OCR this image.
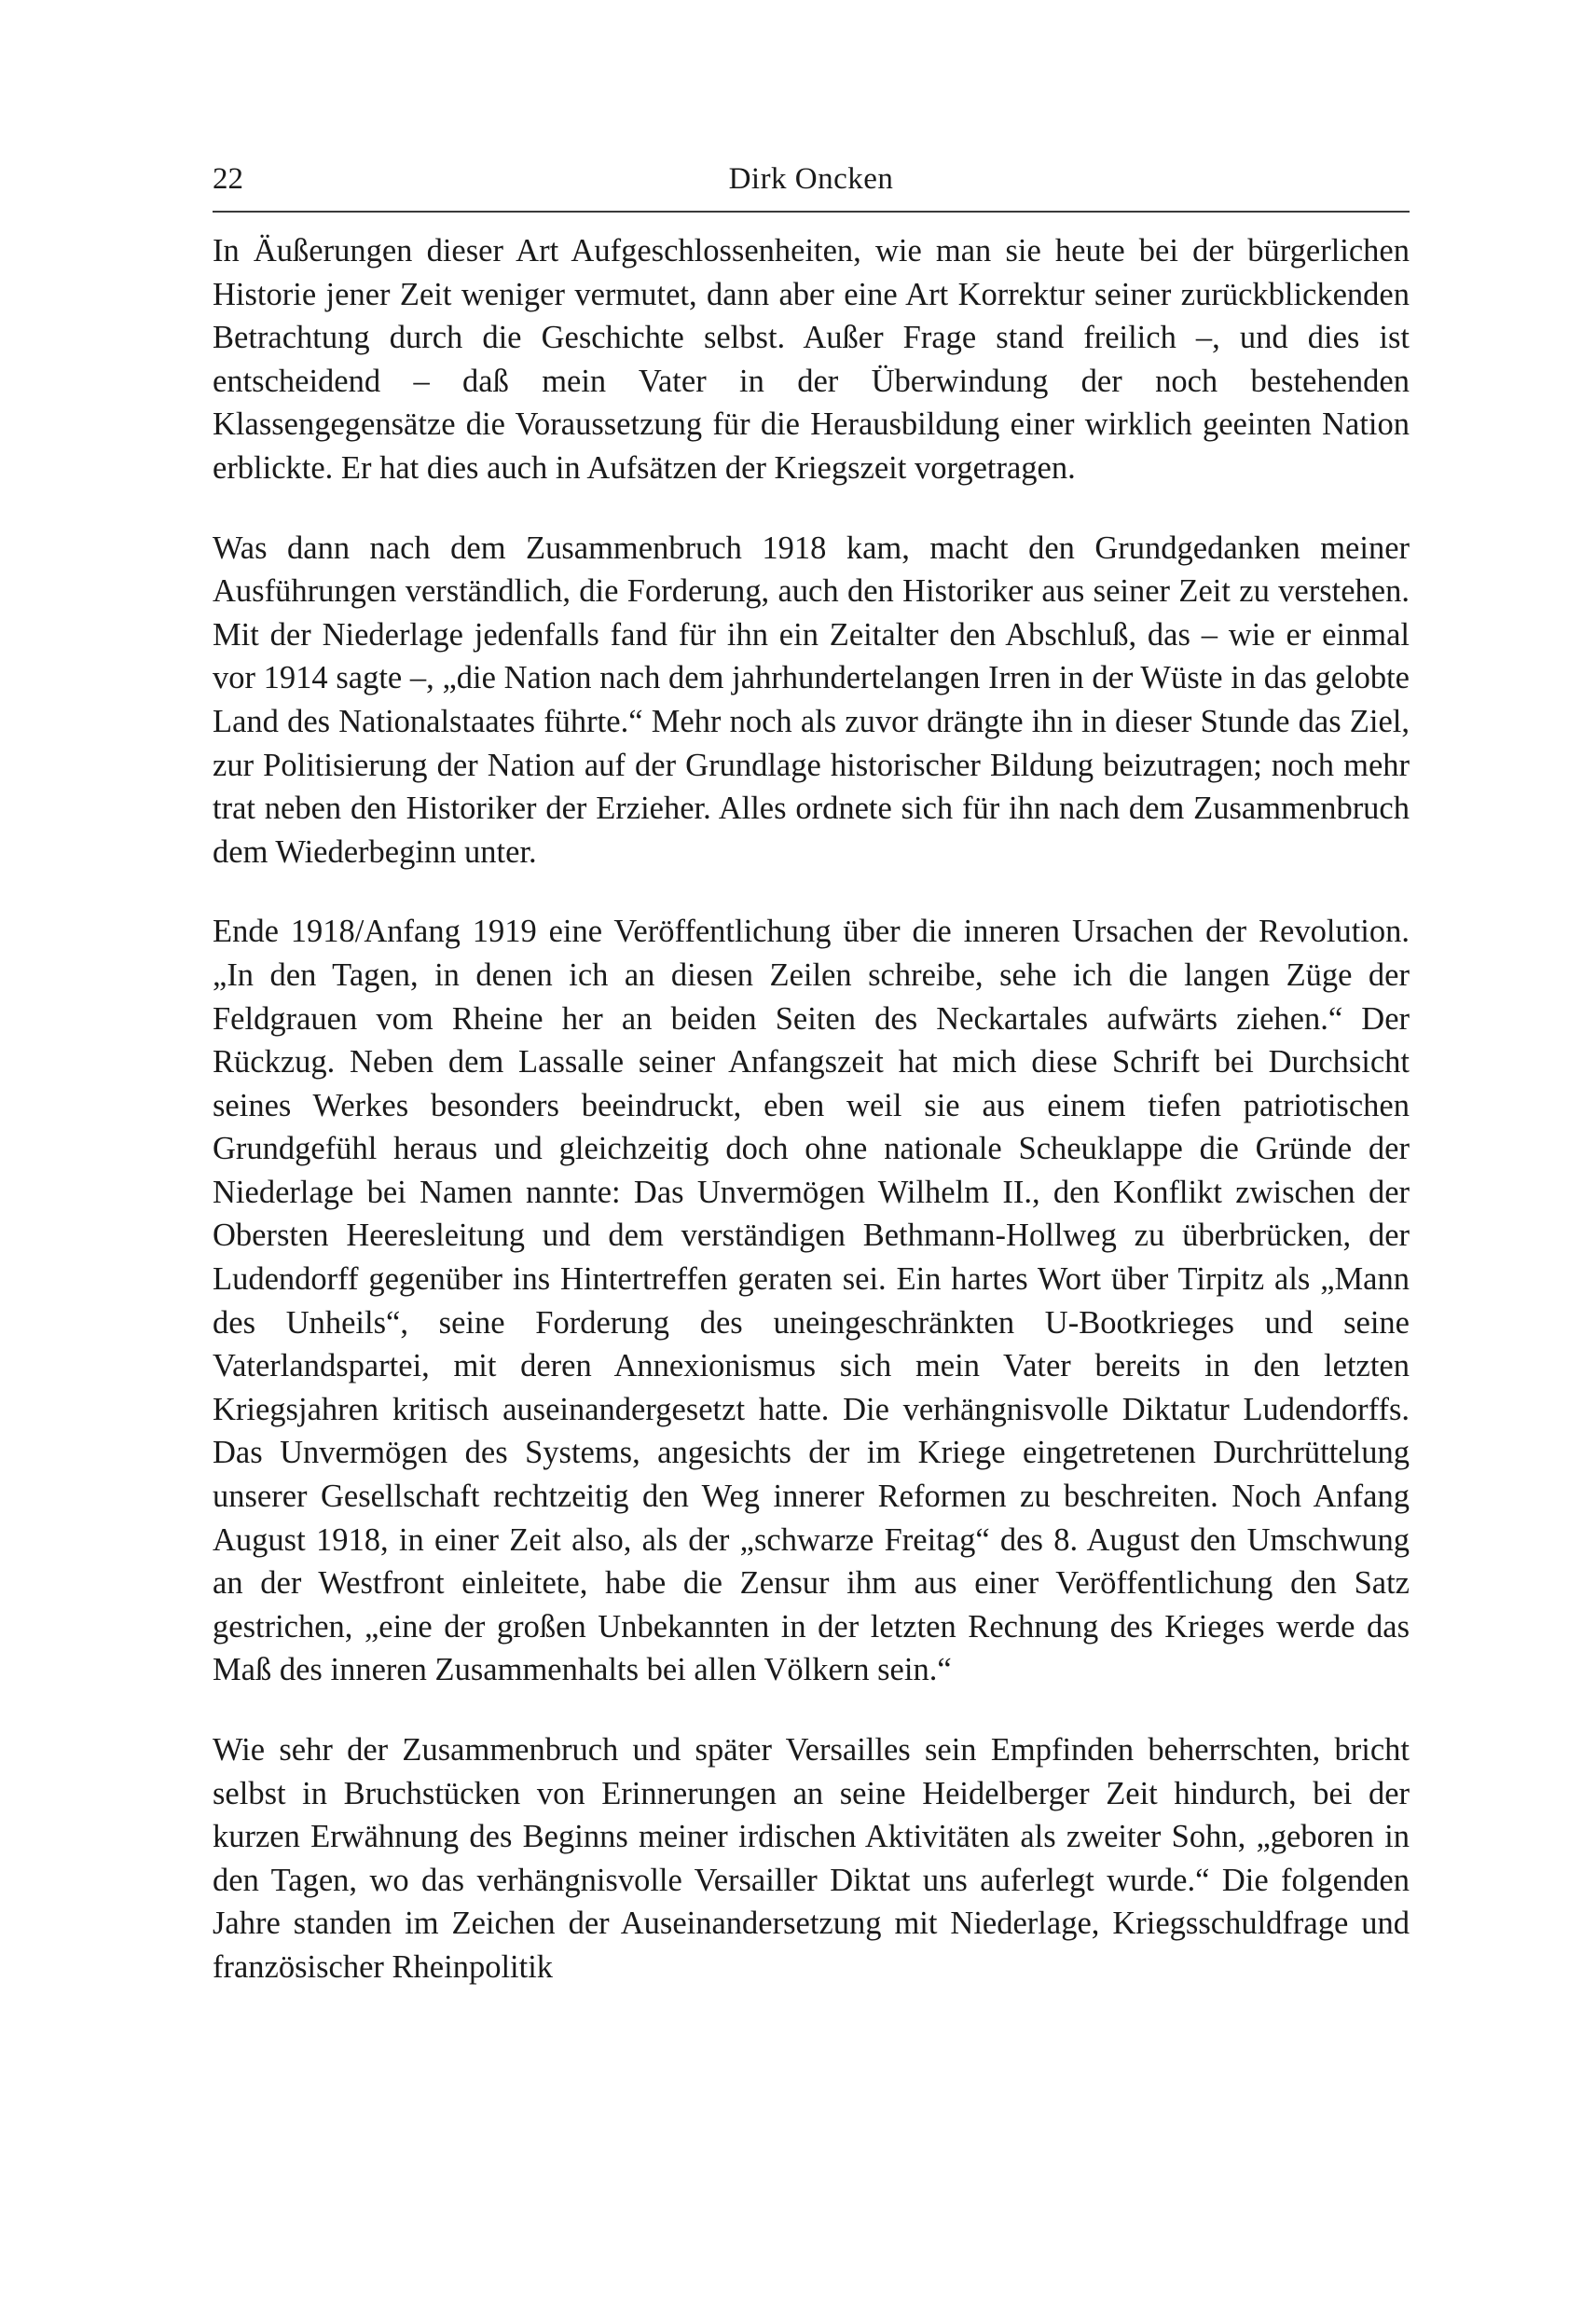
22	Dirk Oncken

In Äußerungen dieser Art Aufgeschlossenheiten, wie man sie heute bei der bürgerlichen Historie jener Zeit weniger vermutet, dann aber eine Art Korrektur seiner zurückblickenden Betrachtung durch die Geschichte selbst. Außer Frage stand freilich –, und dies ist entscheidend – daß mein Vater in der Überwindung der noch bestehenden Klassengegensätze die Voraussetzung für die Herausbildung einer wirklich geeinten Nation erblickte. Er hat dies auch in Aufsätzen der Kriegszeit vorgetragen.

Was dann nach dem Zusammenbruch 1918 kam, macht den Grundgedanken meiner Ausführungen verständlich, die Forderung, auch den Historiker aus seiner Zeit zu verstehen. Mit der Niederlage jedenfalls fand für ihn ein Zeitalter den Abschluß, das – wie er einmal vor 1914 sagte –, „die Nation nach dem jahrhundertelangen Irren in der Wüste in das gelobte Land des Nationalstaates führte.“ Mehr noch als zuvor drängte ihn in dieser Stunde das Ziel, zur Politisierung der Nation auf der Grundlage historischer Bildung beizutragen; noch mehr trat neben den Historiker der Erzieher. Alles ordnete sich für ihn nach dem Zusammenbruch dem Wiederbeginn unter.

Ende 1918/Anfang 1919 eine Veröffentlichung über die inneren Ursachen der Revolution. „In den Tagen, in denen ich an diesen Zeilen schreibe, sehe ich die langen Züge der Feldgrauen vom Rheine her an beiden Seiten des Neckartales aufwärts ziehen.“ Der Rückzug. Neben dem Lassalle seiner Anfangszeit hat mich diese Schrift bei Durchsicht seines Werkes besonders beeindruckt, eben weil sie aus einem tiefen patriotischen Grundgefühl heraus und gleichzeitig doch ohne nationale Scheuklappe die Gründe der Niederlage bei Namen nannte: Das Unvermögen Wilhelm II., den Konflikt zwischen der Obersten Heeresleitung und dem verständigen Bethmann-Hollweg zu überbrücken, der Ludendorff gegenüber ins Hintertreffen geraten sei. Ein hartes Wort über Tirpitz als „Mann des Unheils“, seine Forderung des uneingeschränkten U-Bootkrieges und seine Vaterlandspartei, mit deren Annexionismus sich mein Vater bereits in den letzten Kriegsjahren kritisch auseinandergesetzt hatte. Die verhängnisvolle Diktatur Ludendorffs. Das Unvermögen des Systems, angesichts der im Kriege eingetretenen Durchrüttelung unserer Gesellschaft rechtzeitig den Weg innerer Reformen zu beschreiten. Noch Anfang August 1918, in einer Zeit also, als der „schwarze Freitag“ des 8. August den Umschwung an der Westfront einleitete, habe die Zensur ihm aus einer Veröffentlichung den Satz gestrichen, „eine der großen Unbekannten in der letzten Rechnung des Krieges werde das Maß des inneren Zusammenhalts bei allen Völkern sein.“

Wie sehr der Zusammenbruch und später Versailles sein Empfinden beherrschten, bricht selbst in Bruchstücken von Erinnerungen an seine Heidelberger Zeit hindurch, bei der kurzen Erwähnung des Beginns meiner irdischen Aktivitäten als zweiter Sohn, „geboren in den Tagen, wo das verhängnisvolle Versailler Diktat uns auferlegt wurde.“ Die folgenden Jahre standen im Zeichen der Auseinandersetzung mit Niederlage, Kriegsschuldfrage und französischer Rheinpolitik
